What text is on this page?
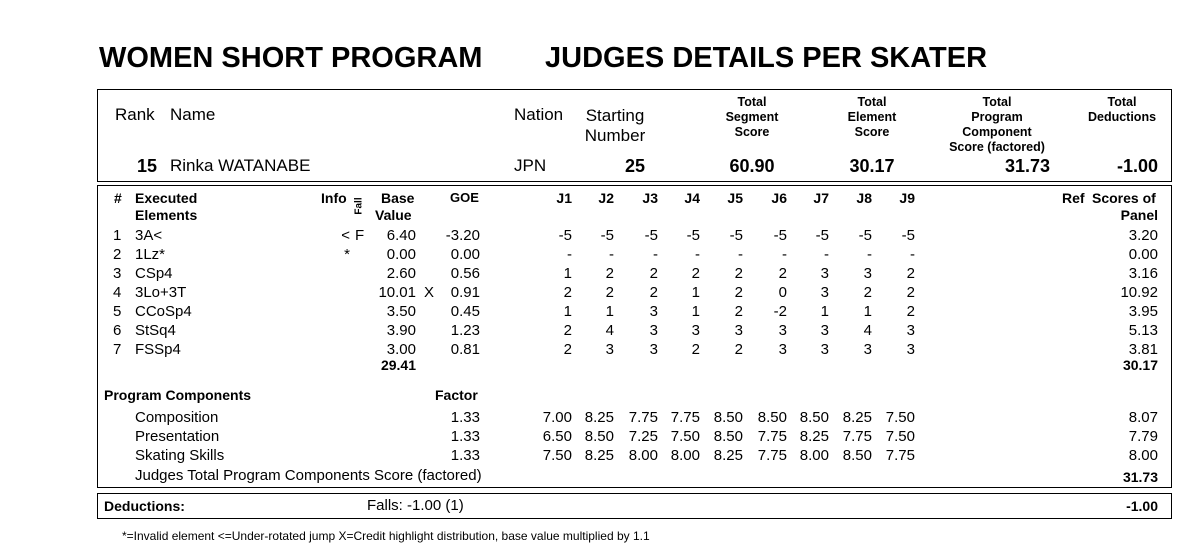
WOMEN SHORT PROGRAM JUDGES DETAILS PER SKATER
Rank Name	Nation	Starting
Number
Total
Segment
Score
Total
Element
Score
Total
Program
Component
Score (factored)
Total
Deductions
15 Rinka WATANABE	JPN	25	60.90	30.17	31.73	-1.00
# Executed
Elements
Info Fall Base
Value
GOE	J1	J2	J3	J4	J5	J6	J7	J8	J9	Ref Scores of
Panel
1 3A<	< F	6.40	-3.20	-5	-5	-5	-5	-5	-5	-5	-5	-5	3.20
2 1Lz*	*	0.00	0.00	-	-	-	-	-	-	-	-	-	0.00
3 CSp4	2.60	0.56	1	2	2	2	2	2	3	3	2	3.16
4 3Lo+3T	10.01 X	0.91	2	2	2	1	2	0	3	2	2	10.92
5 CCoSp4	3.50	0.45	1	1	3	1	2	-2	1	1	2	3.95
6 StSq4	3.90	1.23	2	4	3	3	3	3	3	4	3	5.13
7 FSSp4	3.00	0.81	2	3	3	2	2	3	3	3	3	3.81
29.41	30.17
Program Components	Factor
Composition	1.33	7.00 8.25 7.75 7.75 8.50 8.50 8.50 8.25 7.50	8.07
Presentation	1.33	6.50 8.50 7.25 7.50 8.50 7.75 8.25 7.75 7.50	7.79
Skating Skills	1.33	7.50 8.25 8.00 8.00 8.25 7.75 8.00 8.50 7.75	8.00
Judges Total Program Components Score (factored)	31.73
Deductions:	Falls: -1.00 (1)	-1.00
*=Invalid element <=Under-rotated jump X=Credit highlight distribution, base value multiplied by 1.1
